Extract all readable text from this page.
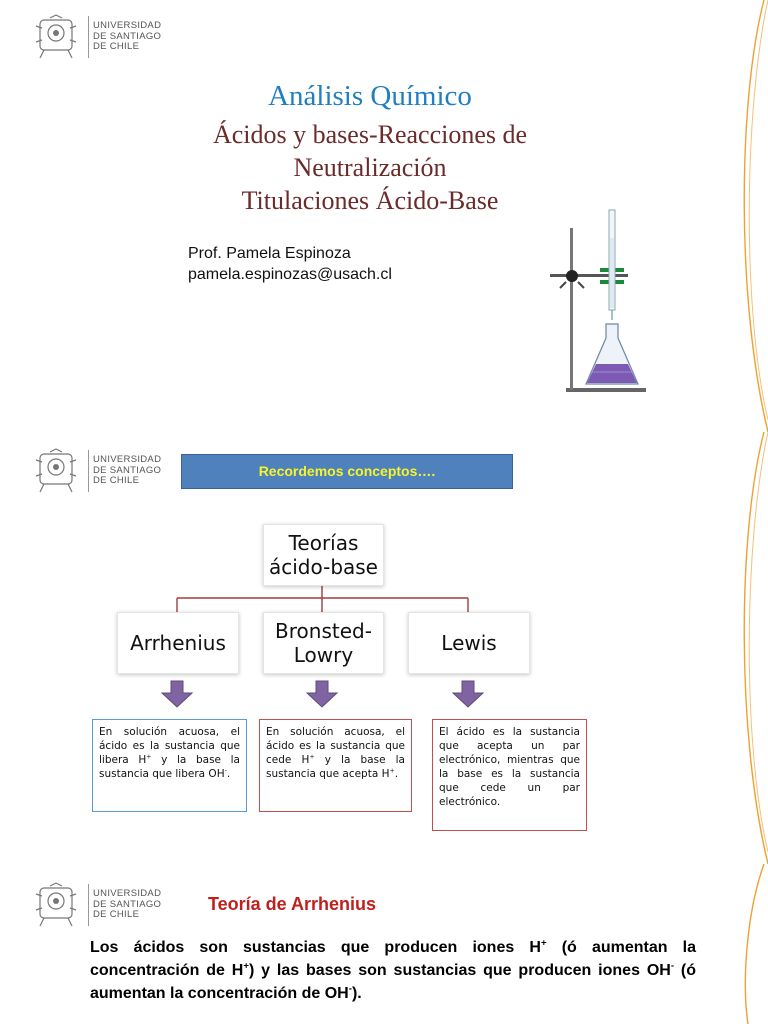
UNIVERSIDAD
DE SANTIAGO
DE CHILE
Análisis Químico
Ácidos y bases-Reacciones de
Neutralización
Titulaciones Ácido-Base
Prof. Pamela Espinoza
pamela.espinozas@usach.cl
UNIVERSIDAD
DE SANTIAGO
DE CHILE
Recordemos conceptos….
Teorías
ácido-base
Arrhenius Bronsted-
Lowry	Lewis
En solución acuosa, el ácido es la sustancia que libera H+ y la base la sustancia que libera OH-.
En solución acuosa, el ácido es la sustancia que cede H+ y la base la sustancia que acepta H+.
El ácido es la sustancia que acepta un par electrónico, mientras que la base es la sustancia que cede un par electrónico.
UNIVERSIDAD
DE SANTIAGO
DE CHILE
Teoría de Arrhenius
Los ácidos son sustancias que producen iones H+ (ó aumentan la concentración de H+) y las bases son sustancias que producen iones OH- (ó aumentan la concentración de OH-).
